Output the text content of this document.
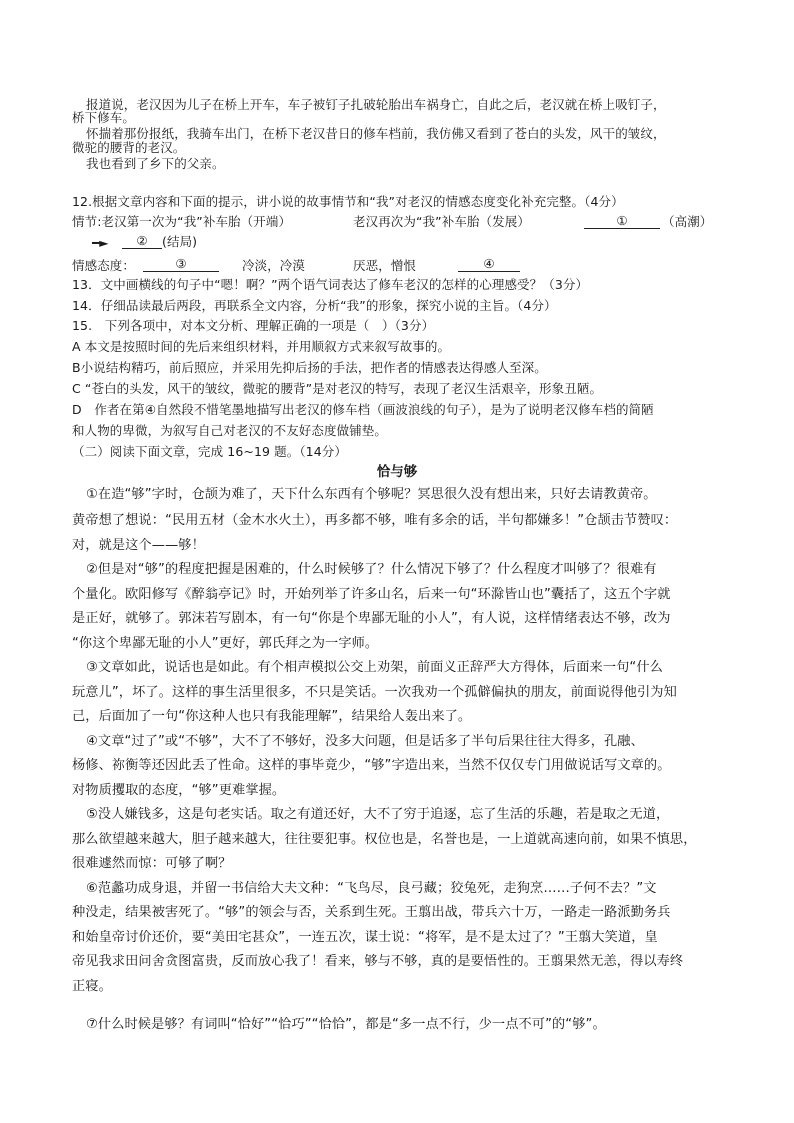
报道说，老汉因为儿子在桥上开车，车子被钉子扎破轮胎出车祸身亡，自此之后，老汉就在桥上吸钉子，
桥下修车。
怀揣着那份报纸，我骑车出门，在桥下老汉昔日的修车档前，我仿佛又看到了苍白的头发，风干的皱纹，
微驼的腰背的老汉。
我也看到了乡下的父亲。
12.根据文章内容和下面的提示，讲小说的故事情节和“我”对老汉的情感态度变化补充完整。（4分）
情节:老汉第一次为“我”补车胎（开端）	老汉再次为“我”补车胎（发展）	①	（高潮）
━►	②	(结局)
情感态度：	③	冷淡，冷漠	厌恶，憎恨	④
13．文中画横线的句子中“嗯！啊？”两个语气词表达了修车老汉的怎样的心理感受？（3分）
14．仔细品读最后两段，再联系全文内容，分析“我”的形象，探究小说的主旨。（4分）
15.　下列各项中，对本文分析、理解正确的一项是（　）（3分）
A 本文是按照时间的先后来组织材料，并用顺叙方式来叙写故事的。
B小说结构精巧，前后照应，并采用先抑后扬的手法，把作者的情感表达得感人至深。
C “苍白的头发，风干的皱纹，微驼的腰背”是对老汉的特写，表现了老汉生活艰辛，形象丑陋。
D　作者在第④自然段不惜笔墨地描写出老汉的修车档（画波浪线的句子），是为了说明老汉修车档的简陋
和人物的卑微，为叙写自己对老汉的不友好态度做铺垫。
（二）阅读下面文章，完成 16~19 题。（14分）
恰与够
①在造“够”字时，仓颉为难了，天下什么东西有个够呢？冥思很久没有想出来，只好去请教黄帝。
黄帝想了想说：“民用五材（金木水火土），再多都不够，唯有多余的话，半句都嫌多！”仓颉击节赞叹：
对，就是这个——够！
②但是对“够”的程度把握是困难的，什么时候够了？什么情况下够了？什么程度才叫够了？很难有
个量化。欧阳修写《醉翁亭记》时，开始列举了许多山名，后来一句“环滁皆山也”囊括了，这五个字就
是正好，就够了。郭沫若写剧本，有一句“你是个卑鄙无耻的小人”，有人说，这样情绪表达不够，改为
“你这个卑鄙无耻的小人”更好，郭氏拜之为一字师。
③文章如此，说话也是如此。有个相声模拟公交上劝架，前面义正辞严大方得体，后面来一句“什么
玩意儿”，坏了。这样的事生活里很多，不只是笑话。一次我劝一个孤僻偏执的朋友，前面说得他引为知
己，后面加了一句“你这种人也只有我能理解”，结果给人轰出来了。
④文章“过了”或“不够”，大不了不够好，没多大问题，但是话多了半句后果往往大得多，孔融、
杨修、祢衡等还因此丢了性命。这样的事毕竟少，“够”字造出来，当然不仅仅专门用做说话写文章的。
对物质攫取的态度，“够”更难掌握。
⑤没人嫌钱多，这是句老实话。取之有道还好，大不了穷于追逐，忘了生活的乐趣，若是取之无道，
那么欲望越来越大，胆子越来越大，往往要犯事。权位也是，名誉也是，一上道就高速向前，如果不慎思，
很难遽然而惊：可够了啊？
⑥范蠡功成身退，并留一书信给大夫文种：“飞鸟尽，良弓藏；狡兔死，走狗烹……子何不去？”文
种没走，结果被害死了。“够”的领会与否，关系到生死。王翦出战，带兵六十万，一路走一路派勤务兵
和始皇帝讨价还价，要“美田宅甚众”，一连五次，谋士说：“将军，是不是太过了？”王翦大笑道，皇
帝见我求田问舍贪图富贵，反而放心我了！看来，够与不够，真的是要悟性的。王翦果然无恙，得以寿终
正寝。
⑦什么时候是够？有词叫“恰好”“恰巧”“恰恰”，都是“多一点不行，少一点不可”的“够”。
